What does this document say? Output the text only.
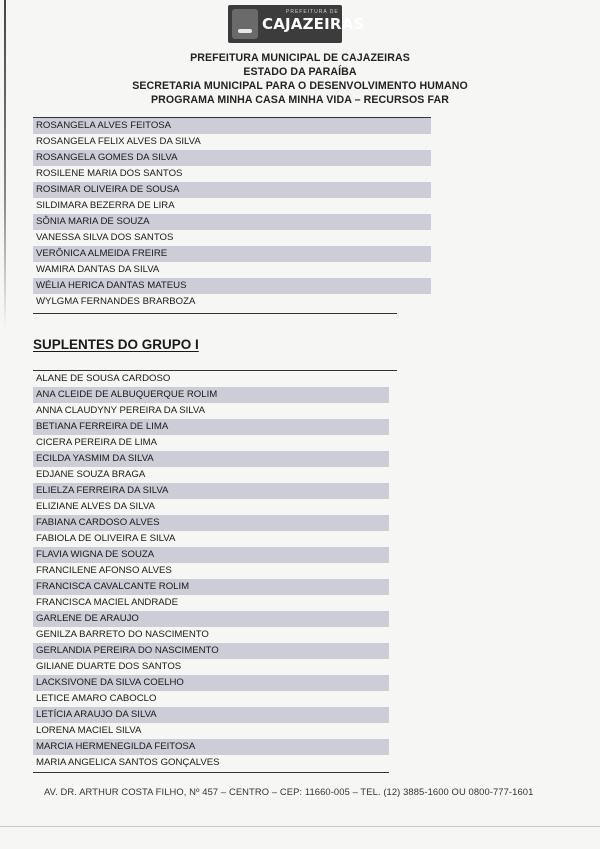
PREFEITURA DE
CAJAZEIRAS
PREFEITURA MUNICIPAL DE CAJAZEIRAS
ESTADO DA PARAÍBA
SECRETARIA MUNICIPAL PARA O DESENVOLVIMENTO HUMANO
PROGRAMA MINHA CASA MINHA VIDA – RECURSOS FAR
ROSANGELA ALVES FEITOSA
ROSANGELA FELIX ALVES DA SILVA
ROSANGELA GOMES DA SILVA
ROSILENE MARIA DOS SANTOS
ROSIMAR OLIVEIRA DE SOUSA
SILDIMARA BEZERRA DE LIRA
SÔNIA MARIA DE SOUZA
VANESSA SILVA DOS SANTOS
VERÔNICA ALMEIDA FREIRE
WAMIRA DANTAS DA SILVA
WÉLIA HERICA DANTAS MATEUS
WYLGMA FERNANDES BRARBOZA
SUPLENTES DO GRUPO I
ALANE DE SOUSA CARDOSO
ANA CLEIDE DE ALBUQUERQUE ROLIM
ANNA CLAUDYNY PEREIRA DA SILVA
BETIANA FERREIRA DE LIMA
CICERA PEREIRA DE LIMA
ECILDA YASMIM DA SILVA
EDJANE SOUZA BRAGA
ELIELZA FERREIRA DA SILVA
ELIZIANE ALVES DA SILVA
FABIANA CARDOSO ALVES
FABIOLA DE OLIVEIRA E SILVA
FLAVIA WIGNA DE SOUZA
FRANCILENE AFONSO ALVES
FRANCISCA CAVALCANTE ROLIM
FRANCISCA MACIEL ANDRADE
GARLENE DE ARAUJO
GENILZA BARRETO DO NASCIMENTO
GERLANDIA PEREIRA DO NASCIMENTO
GILIANE DUARTE DOS SANTOS
LACKSIVONE DA SILVA COELHO
LETICE AMARO CABOCLO
LETÍCIA ARAUJO DA SILVA
LORENA MACIEL SILVA
MARCIA HERMENEGILDA FEITOSA
MARIA ANGELICA SANTOS GONÇALVES
AV. DR. ARTHUR COSTA FILHO, Nº 457 – CENTRO – CEP: 11660-005 – TEL. (12) 3885-1600 OU 0800-777-1601
